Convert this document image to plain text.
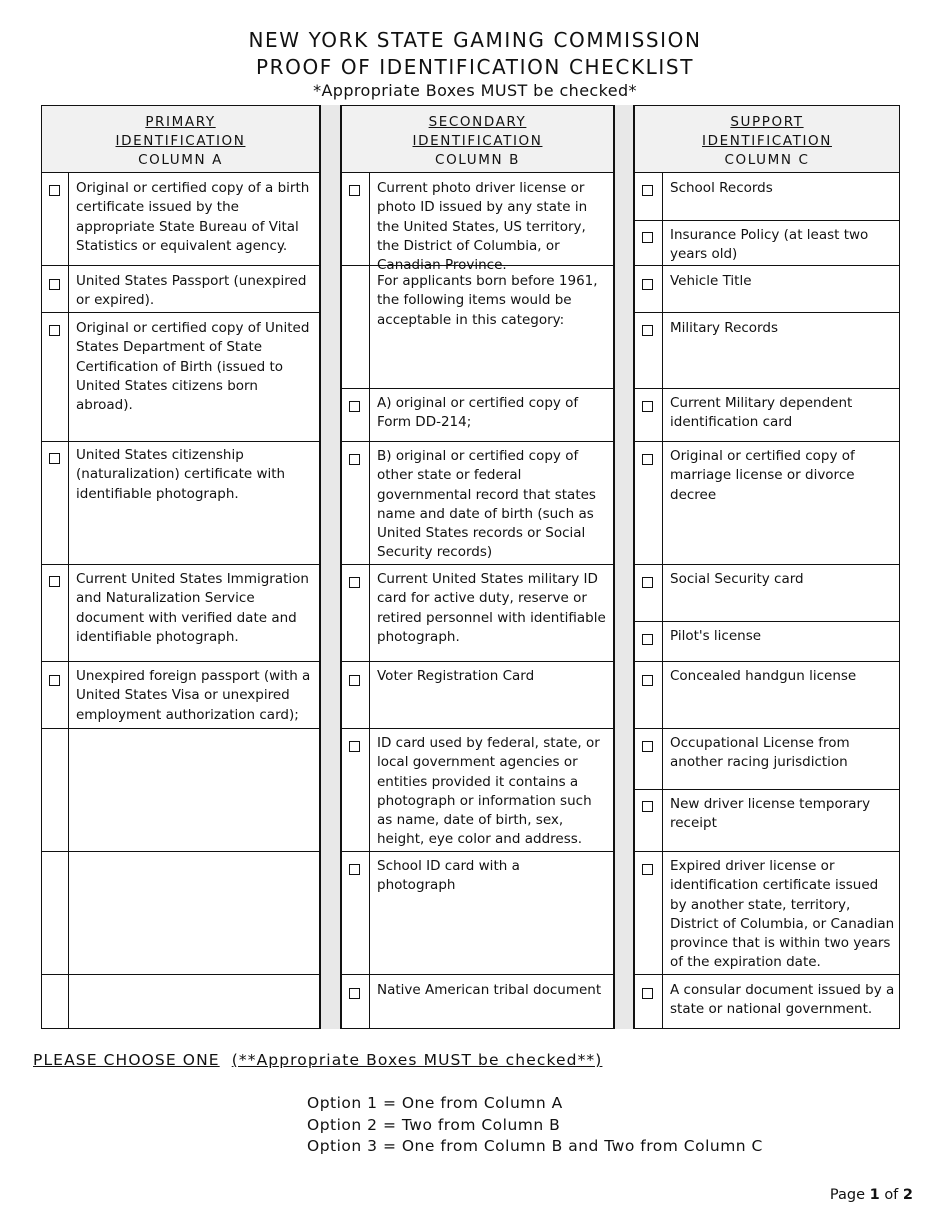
NEW YORK STATE GAMING COMMISSION
PROOF OF IDENTIFICATION CHECKLIST
*Appropriate Boxes MUST be checked*
PRIMARY
IDENTIFICATION
COLUMN A
SECONDARY
IDENTIFICATION
COLUMN B
SUPPORT
IDENTIFICATION
COLUMN C
Original or certified copy of a birth certificate issued by the appropriate State Bureau of Vital Statistics or equivalent agency.
United States Passport (unexpired or expired).
Original or certified copy of United States Department of State Certification of Birth (issued to United States citizens born abroad).
United States citizenship (naturalization) certificate with identifiable photograph.
Current United States Immigration and Naturalization Service document with verified date and identifiable photograph.
Unexpired foreign passport (with a United States Visa or unexpired employment authorization card);
Current photo driver license or photo ID issued by any state in the United States, US territory, the District of Columbia, or Canadian Province.
For applicants born before 1961, the following items would be acceptable in this category:
A) original or certified copy of Form DD-214;
B) original or certified copy of other state or federal governmental record that states name and date of birth (such as United States records or Social Security records)
Current United States military ID card for active duty, reserve or retired personnel with identifiable photograph.
Voter Registration Card
ID card used by federal, state, or local government agencies or entities provided it contains a photograph or information such as name, date of birth, sex, height, eye color and address.
School ID card with a photograph
Native American tribal document
School Records
Insurance Policy (at least two years old)
Vehicle Title
Military Records
Current Military dependent identification card
Original or certified copy of marriage license or divorce decree
Social Security card
Pilot's license
Concealed handgun license
Occupational License from another racing jurisdiction
New driver license temporary receipt
Expired driver license or identification certificate issued by another state, territory, District of Columbia, or Canadian province that is within two years of the expiration date.
A consular document issued by a state or national government.
PLEASE CHOOSE ONE (**Appropriate Boxes MUST be checked**)
Option 1 = One from Column A
Option 2 = Two from Column B
Option 3 = One from Column B and Two from Column C
Page 1 of 2
